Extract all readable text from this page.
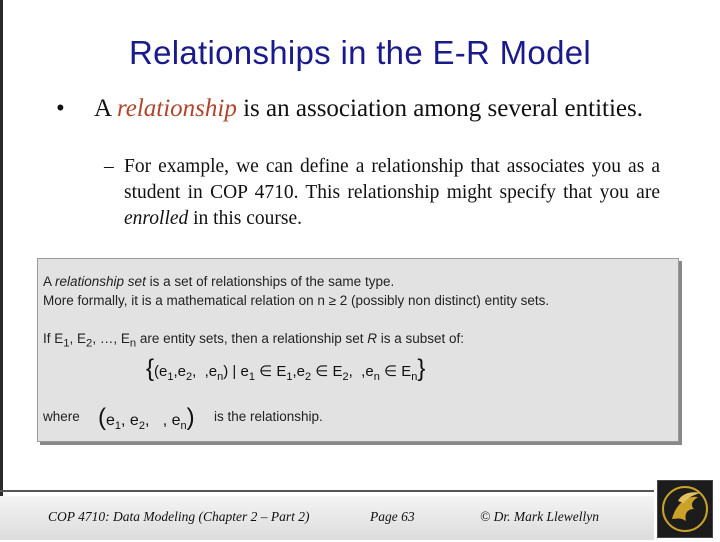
Relationships in the E-R Model
•	A relationship is an association among several entities.
– For example, we can define a relationship that associates you as a student in COP 4710. This relationship might specify that you are enrolled in this course.
A relationship set is a set of relationships of the same type.
More formally, it is a mathematical relation on n ≥ 2 (possibly non distinct) entity sets.
If $E_1$, $E_2$, …, $E_n$ are entity sets, then a relationship set R is a subset of:
{($e_1,e_2$,  $,e_n$) | $e_1$ ∈ $E_1,e_2$ ∈ $E_2$,  $,e_n$ ∈ $E_n$}
where ($e_1$, $e_2$,   , $e_n$) is the relationship.
COP 4710: Data Modeling (Chapter 2 – Part 2)	Page 63	© Dr. Mark Llewellyn
